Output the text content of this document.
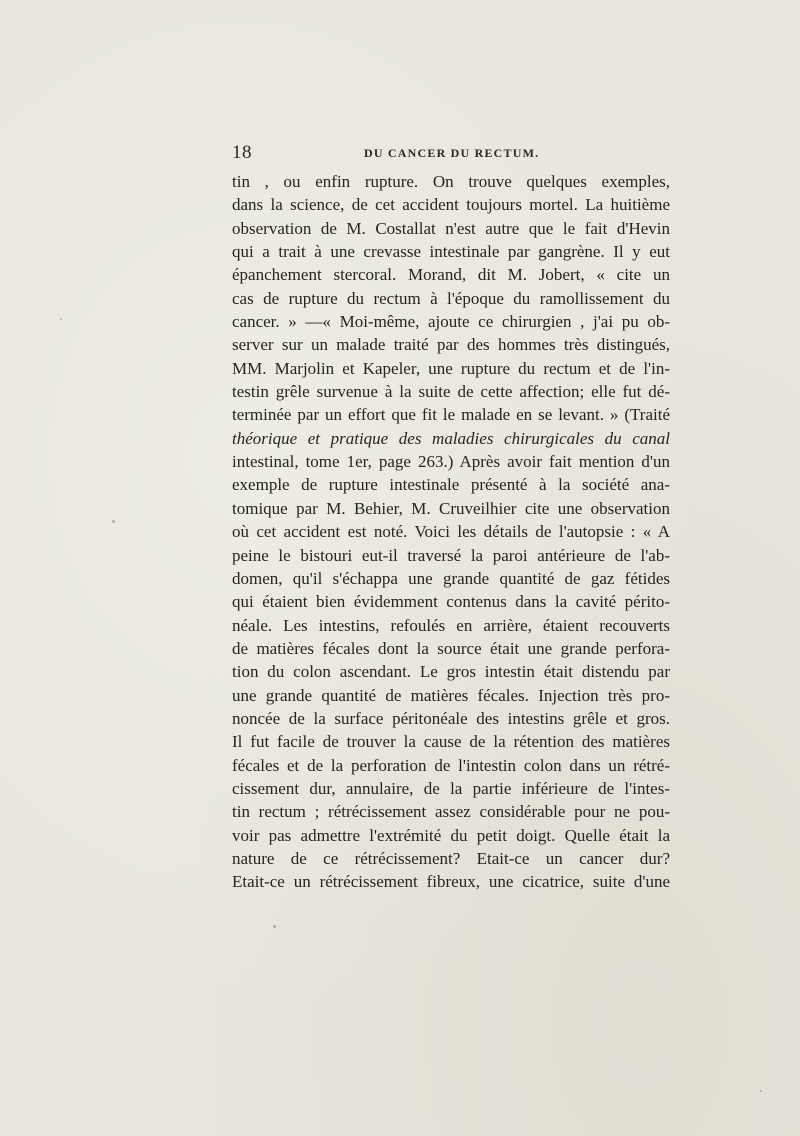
18	DU CANCER DU RECTUM.
tin , ou enfin rupture. On trouve quelques exemples,
dans la science, de cet accident toujours mortel. La huitième
observation de M. Costallat n'est autre que le fait d'Hevin
qui a trait à une crevasse intestinale par gangrène. Il y eut
épanchement stercoral. Morand, dit M. Jobert, « cite un
cas de rupture du rectum à l'époque du ramollissement du
cancer. » —« Moi-même, ajoute ce chirurgien , j'ai pu ob-
server sur un malade traité par des hommes très distingués,
MM. Marjolin et Kapeler, une rupture du rectum et de l'in-
testin grêle survenue à la suite de cette affection; elle fut dé-
terminée par un effort que fit le malade en se levant. » (Traité
théorique et pratique des maladies chirurgicales du canal
intestinal, tome 1er, page 263.) Après avoir fait mention d'un
exemple de rupture intestinale présenté à la société ana-
tomique par M. Behier, M. Cruveilhier cite une observation
où cet accident est noté. Voici les détails de l'autopsie : « A
peine le bistouri eut-il traversé la paroi antérieure de l'ab-
domen, qu'il s'échappa une grande quantité de gaz fétides
qui étaient bien évidemment contenus dans la cavité périto-
néale. Les intestins, refoulés en arrière, étaient recouverts
de matières fécales dont la source était une grande perfora-
tion du colon ascendant. Le gros intestin était distendu par
une grande quantité de matières fécales. Injection très pro-
noncée de la surface péritonéale des intestins grêle et gros.
Il fut facile de trouver la cause de la rétention des matières
fécales et de la perforation de l'intestin colon dans un rétré-
cissement dur, annulaire, de la partie inférieure de l'intes-
tin rectum ; rétrécissement assez considérable pour ne pou-
voir pas admettre l'extrémité du petit doigt. Quelle était la
nature de ce rétrécissement? Etait-ce un cancer dur?
Etait-ce un rétrécissement fibreux, une cicatrice, suite d'une
